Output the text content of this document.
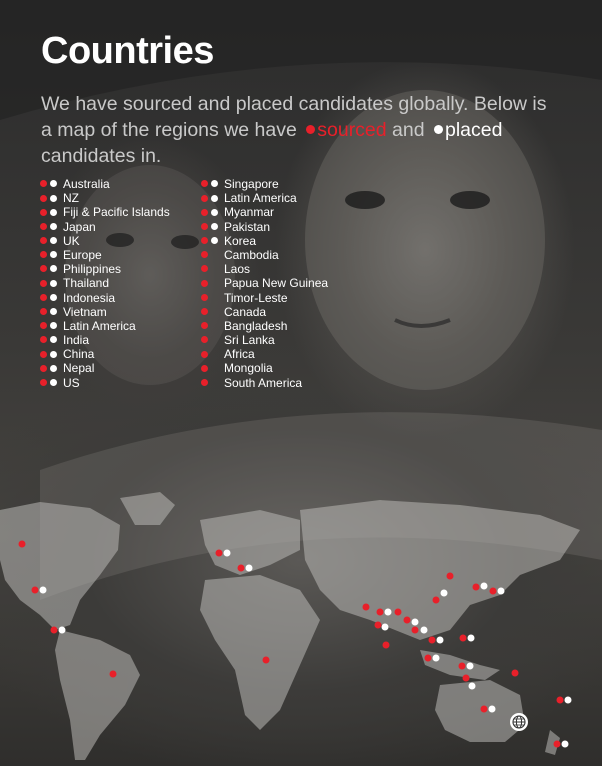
Countries

We have sourced and placed candidates globally. Below is a map of the regions we have sourced and placed candidates in.

Australia
NZ
Fiji & Pacific Islands
Japan
UK
Europe
Philippines
Thailand
Indonesia
Vietnam
Latin America
India
China
Nepal
US
Singapore
Latin America
Myanmar
Pakistan
Korea
Cambodia
Laos
Papua New Guinea
Timor-Leste
Canada
Bangladesh
Sri Lanka
Africa
Mongolia
South America
